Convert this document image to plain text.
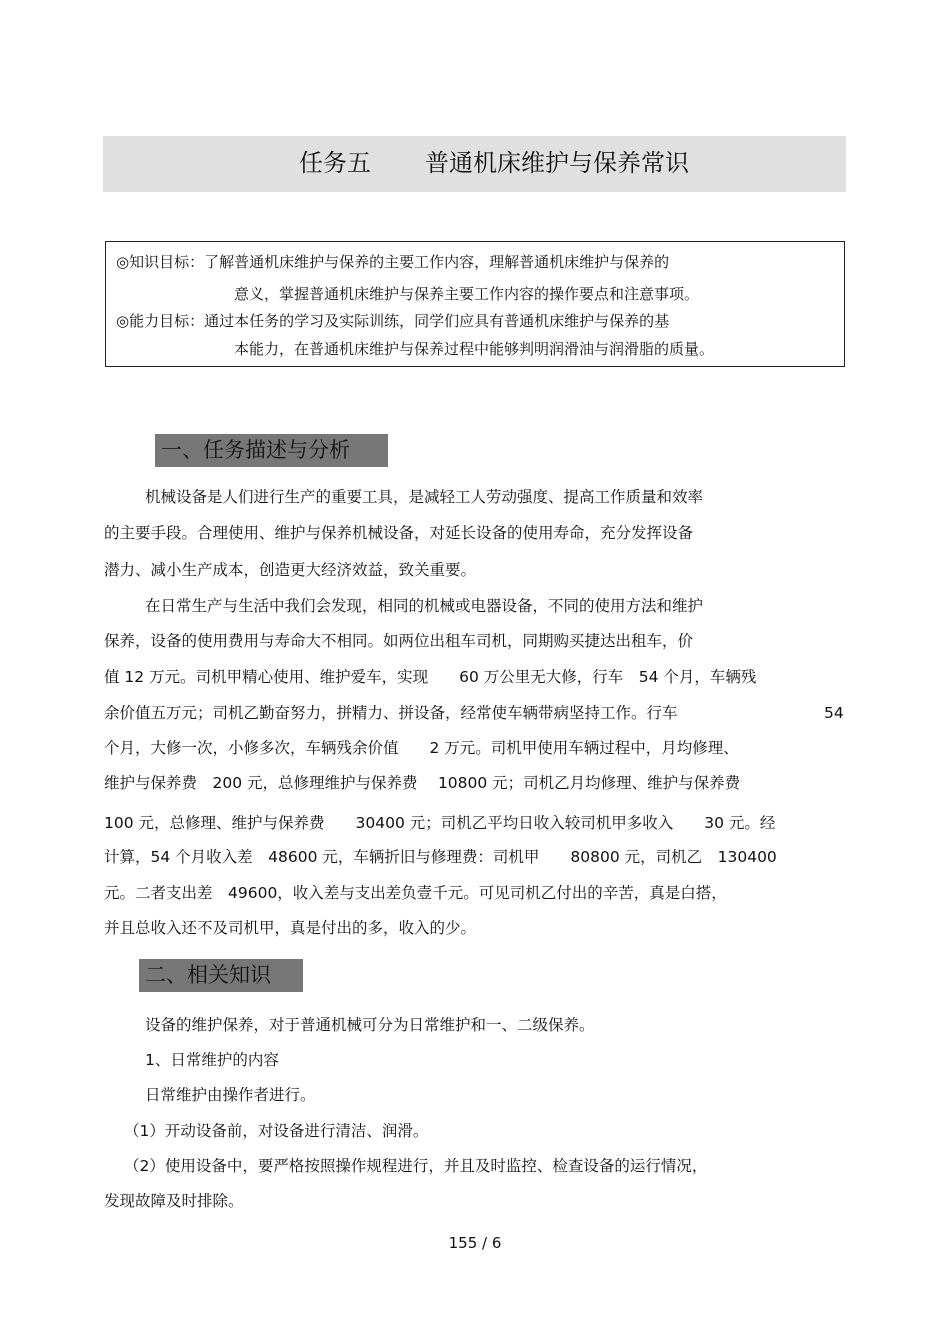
任务五 普通机床维护与保养常识
◎知识目标：了解普通机床维护与保养的主要工作内容，理解普通机床维护与保养的
意义，掌握普通机床维护与保养主要工作内容的操作要点和注意事项。
◎能力目标：通过本任务的学习及实际训练，同学们应具有普通机床维护与保养的基
本能力，在普通机床维护与保养过程中能够判明润滑油与润滑脂的质量。
一、任务描述与分析
机械设备是人们进行生产的重要工具，是减轻工人劳动强度、提高工作质量和效率
的主要手段。合理使用、维护与保养机械设备，对延长设备的使用寿命，充分发挥设备
潜力、减小生产成本，创造更大经济效益，致关重要。
在日常生产与生活中我们会发现，相同的机械或电器设备，不同的使用方法和维护
保养，设备的使用费用与寿命大不相同。如两位出租车司机，同期购买捷达出租车，价
值 12 万元。司机甲精心使用、维护爱车，实现　　60 万公里无大修，行车　54 个月，车辆残
余价值五万元；司机乙勤奋努力，拼精力、拼设备，经常使车辆带病坚持工作。行车	54
个月，大修一次，小修多次，车辆残余价值　　2 万元。司机甲使用车辆过程中，月均修理、
维护与保养费　200 元，总修理维护与保养费　 10800 元；司机乙月均修理、维护与保养费
100 元，总修理、维护与保养费　　30400 元；司机乙平均日收入较司机甲多收入　　30 元。经
计算，54 个月收入差　48600 元，车辆折旧与修理费：司机甲　　80800 元，司机乙　130400
元。二者支出差　49600，收入差与支出差负壹千元。可见司机乙付出的辛苦，真是白搭，
并且总收入还不及司机甲，真是付出的多，收入的少。
二、相关知识
设备的维护保养，对于普通机械可分为日常维护和一、二级保养。
1、日常维护的内容
日常维护由操作者进行。
（1）开动设备前，对设备进行清洁、润滑。
（2）使用设备中，要严格按照操作规程进行，并且及时监控、检查设备的运行情况，
发现故障及时排除。
155 / 6
